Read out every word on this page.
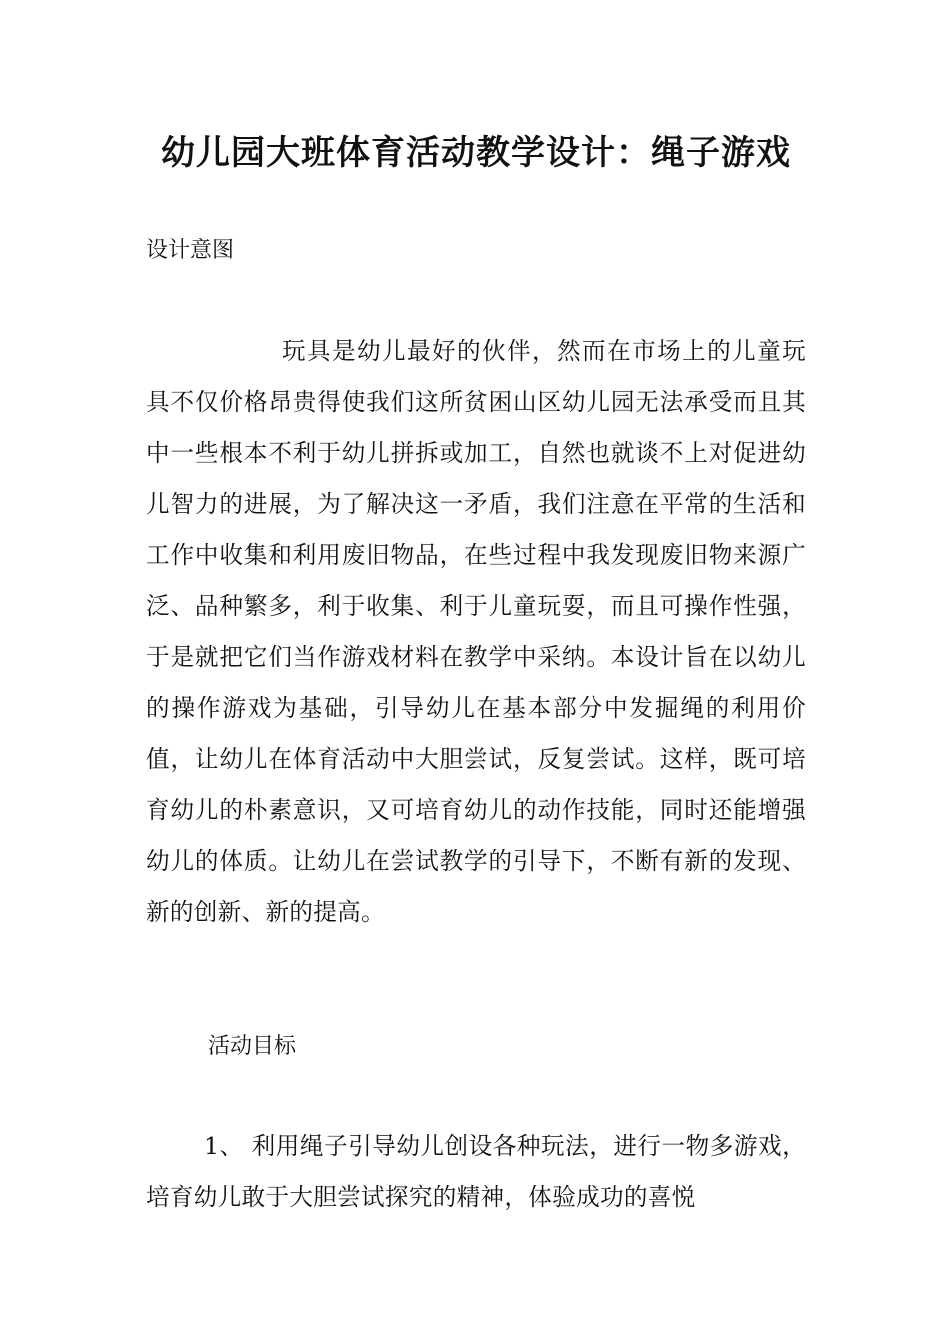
幼儿园大班体育活动教学设计：绳子游戏

设计意图

玩具是幼儿最好的伙伴，然而在市场上的儿童玩具不仅价格昂贵得使我们这所贫困山区幼儿园无法承受而且其中一些根本不利于幼儿拼拆或加工，自然也就谈不上对促进幼儿智力的进展，为了解决这一矛盾，我们注意在平常的生活和工作中收集和利用废旧物品，在些过程中我发现废旧物来源广泛、品种繁多，利于收集、利于儿童玩耍，而且可操作性强，于是就把它们当作游戏材料在教学中采纳。本设计旨在以幼儿的操作游戏为基础，引导幼儿在基本部分中发掘绳的利用价值，让幼儿在体育活动中大胆尝试，反复尝试。这样，既可培育幼儿的朴素意识，又可培育幼儿的动作技能，同时还能增强幼儿的体质。让幼儿在尝试教学的引导下，不断有新的发现、新的创新、新的提高。

活动目标

1、 利用绳子引导幼儿创设各种玩法，进行一物多游戏，培育幼儿敢于大胆尝试探究的精神，体验成功的喜悦
